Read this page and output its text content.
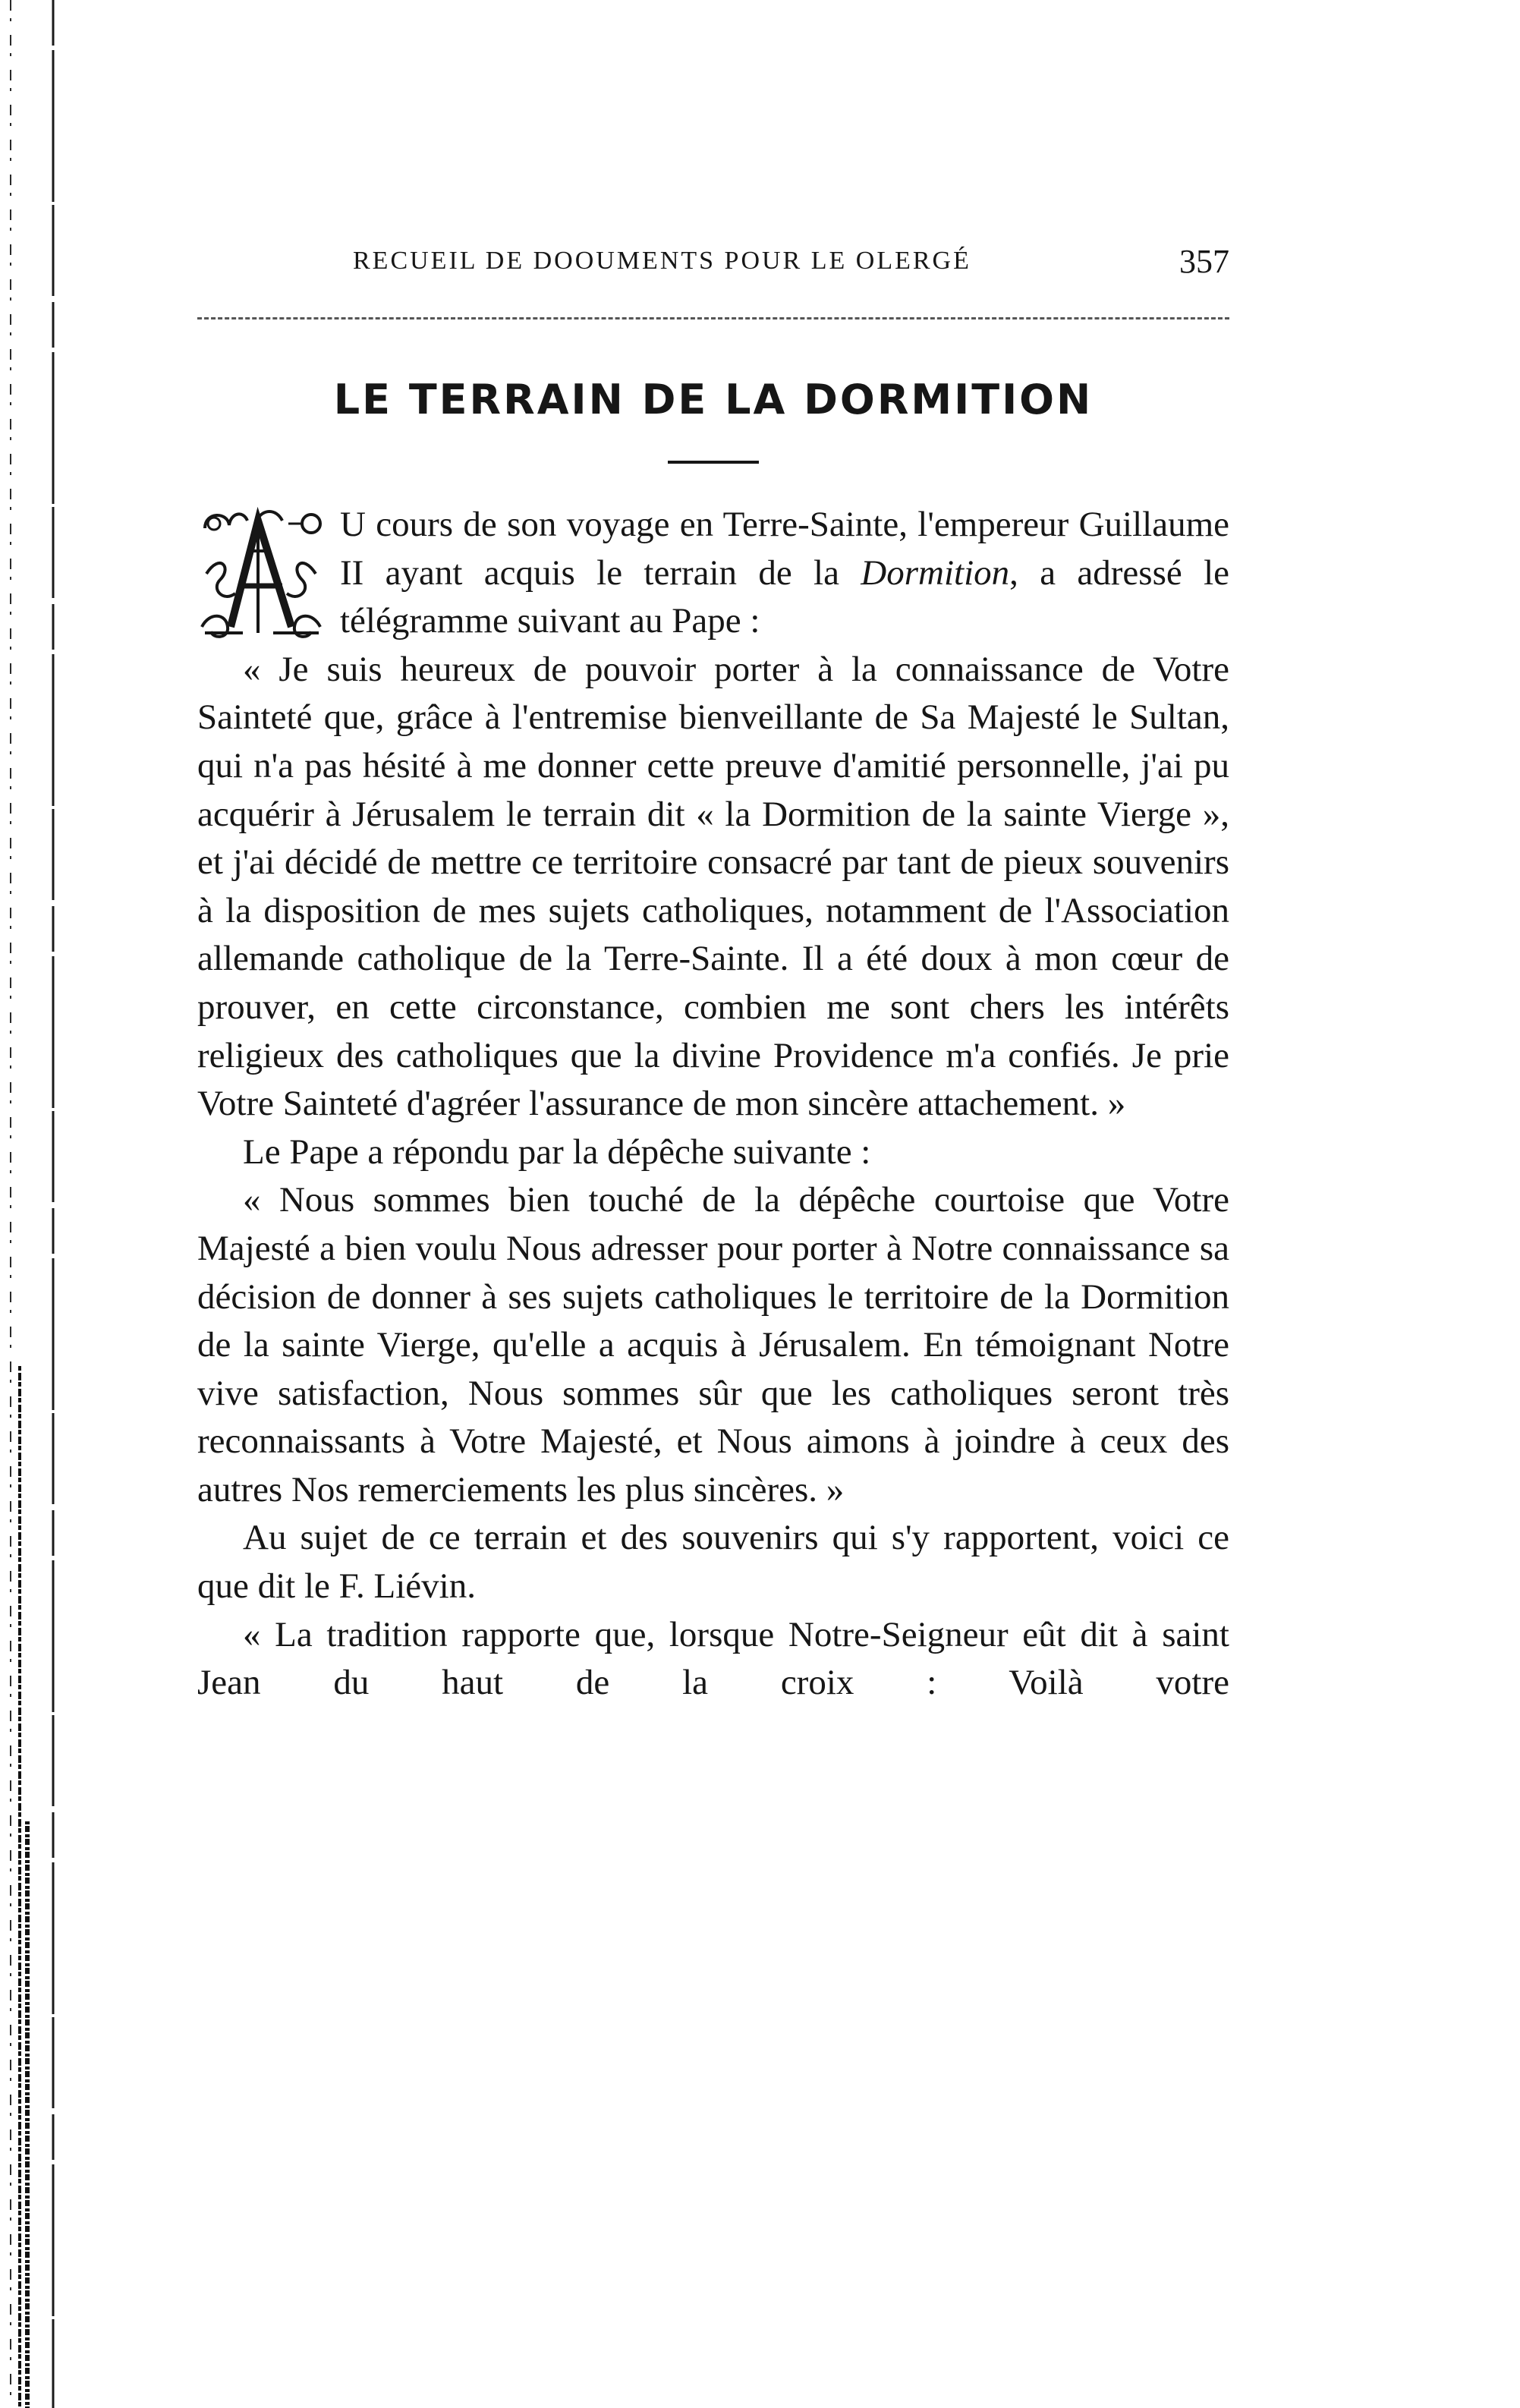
RECUEIL DE DOOUMENTS POUR LE OLERGÉ	357
LE TERRAIN DE LA DORMITION

U cours de son voyage en Terre-Sainte, l'empereur Guillaume II ayant acquis le terrain de la Dormition, a adressé le télégramme suivant au Pape :

« Je suis heureux de pouvoir porter à la connaissance de Votre Sainteté que, grâce à l'entremise bienveillante de Sa Majesté le Sultan, qui n'a pas hésité à me donner cette preuve d'amitié personnelle, j'ai pu acquérir à Jérusalem le terrain dit « la Dormition de la sainte Vierge », et j'ai décidé de mettre ce territoire consacré par tant de pieux souvenirs à la disposition de mes sujets catholiques, notamment de l'Association allemande catholique de la Terre-Sainte. Il a été doux à mon cœur de prouver, en cette circonstance, combien me sont chers les intérêts religieux des catholiques que la divine Providence m'a confiés. Je prie Votre Sainteté d'agréer l'assurance de mon sincère attachement. »

Le Pape a répondu par la dépêche suivante :

« Nous sommes bien touché de la dépêche courtoise que Votre Majesté a bien voulu Nous adresser pour porter à Notre connaissance sa décision de donner à ses sujets catholiques le territoire de la Dormition de la sainte Vierge, qu'elle a acquis à Jérusalem. En témoignant Notre vive satisfaction, Nous sommes sûr que les catholiques seront très reconnaissants à Votre Majesté, et Nous aimons à joindre à ceux des autres Nos remerciements les plus sincères. »

Au sujet de ce terrain et des souvenirs qui s'y rapportent, voici ce que dit le F. Liévin.

« La tradition rapporte que, lorsque Notre-Seigneur eût dit à saint Jean du haut de la croix : Voilà votre
